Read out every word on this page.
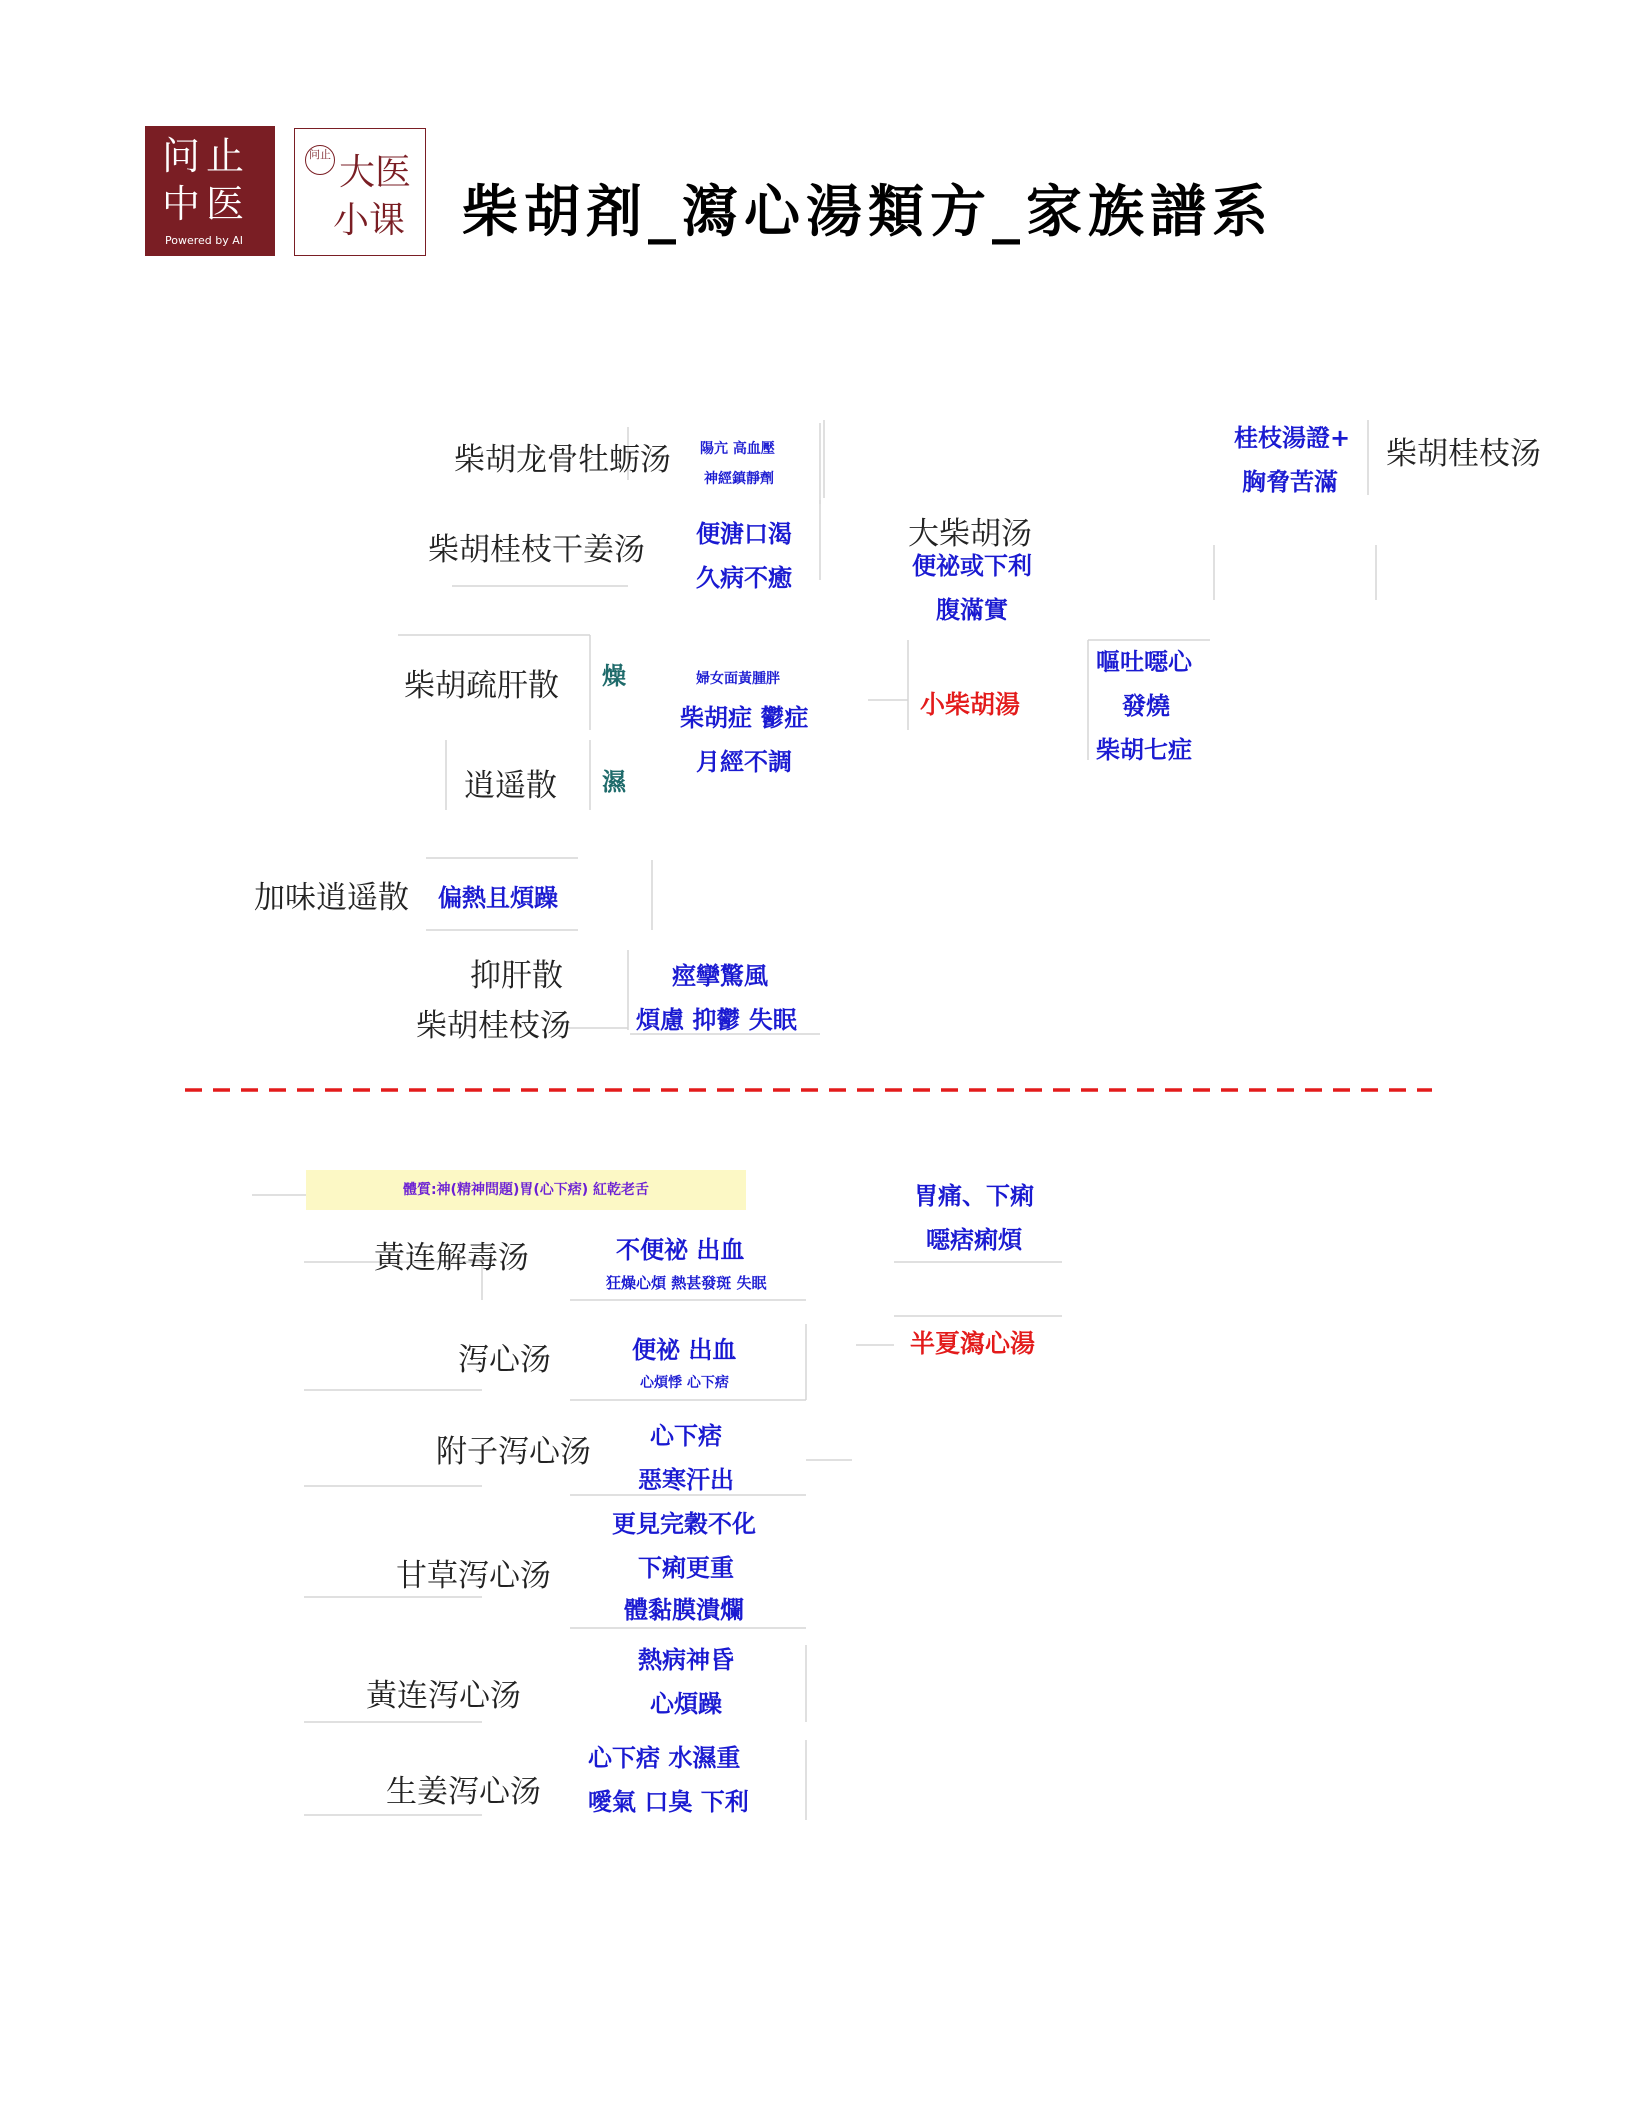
问止
中医
Powered by AI
问止 大医
小课 柴胡剤_瀉心湯類方_家族譜系
柴胡龙骨牡蛎汤
柴胡桂枝干姜汤
柴胡疏肝散
逍遥散
加味逍遥散
抑肝散
柴胡桂枝汤
大柴胡汤
柴胡桂枝汤
小柴胡湯
陽亢 高血壓
神經鎮靜劑
便溏口渴
久病不癒
燥
濕
婦女面黃腫胖
柴胡症 鬱症
月經不調
偏熱且煩躁
痙攣驚風
煩慮 抑鬱 失眠
便祕或下利
腹滿實
嘔吐噁心
發燒
柴胡七症
桂枝湯證+
胸脅苦滿
體質:神(精神問題)胃(心下痞) 紅乾老舌
半夏瀉心湯
胃痛、下痢
噁痞痢煩
黃连解毒汤
泻心汤
附子泻心汤
甘草泻心汤
黃连泻心汤
生姜泻心汤
不便祕 出血
狂燥心煩 熱甚發斑 失眠
便祕 出血
心煩悸 心下痞
心下痞
惡寒汗出
更見完穀不化
下痢更重
體黏膜潰爛
熱病神昏
心煩躁
心下痞 水濕重
噯氣 口臭 下利
